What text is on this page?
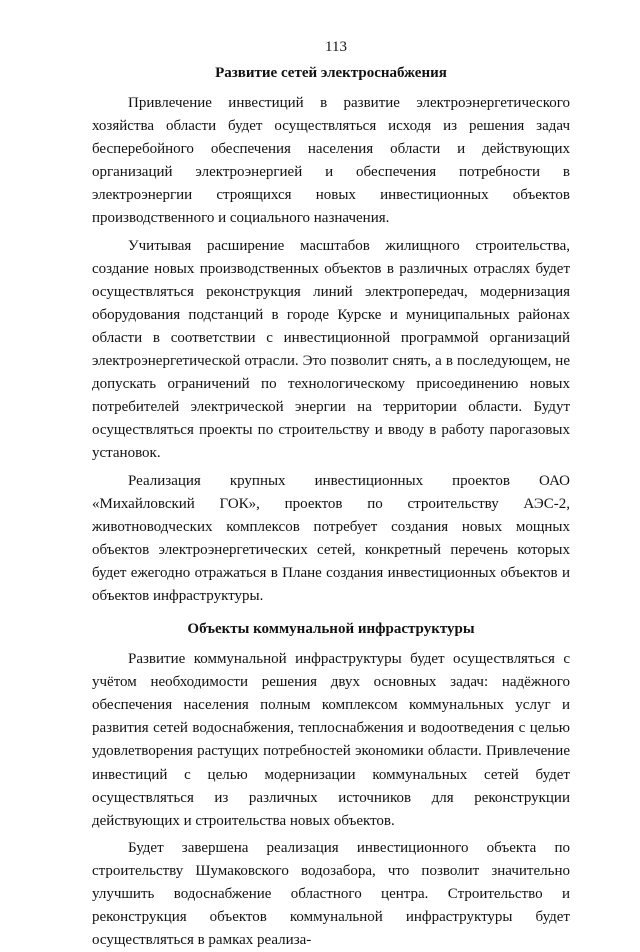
113
Развитие сетей электроснабжения

Привлечение инвестиций в развитие электроэнергетического хозяйства области будет осуществляться исходя из решения задач бесперебойного обеспечения населения области и действующих организаций электроэнергией и обеспечения потребности в электроэнергии строящихся новых инвестиционных объектов производственного и социального назначения.

Учитывая расширение масштабов жилищного строительства, создание новых производственных объектов в различных отраслях будет осуществляться реконструкция линий электропередач, модернизация оборудования подстанций в городе Курске и муниципальных районах области в соответствии с инвестиционной программой организаций электроэнергетической отрасли. Это позволит снять, а в последующем, не допускать ограничений по технологическому присоединению новых потребителей электрической энергии на территории области. Будут осуществляться проекты по строительству и вводу в работу парогазовых установок.

Реализация крупных инвестиционных проектов ОАО «Михайловский ГОК», проектов по строительству АЭС-2, животноводческих комплексов потребует создания новых мощных объектов электроэнергетических сетей, конкретный перечень которых будет ежегодно отражаться в Плане создания инвестиционных объектов и объектов инфраструктуры.

Объекты коммунальной инфраструктуры

Развитие коммунальной инфраструктуры будет осуществляться с учётом необходимости решения двух основных задач: надёжного обеспечения населения полным комплексом коммунальных услуг и развития сетей водоснабжения, теплоснабжения и водоотведения с целью удовлетворения растущих потребностей экономики области. Привлечение инвестиций с целью модернизации коммунальных сетей будет осуществляться из различных источников для реконструкции действующих и строительства новых объектов.

Будет завершена реализация инвестиционного объекта по строительству Шумаковского водозабора, что позволит значительно улучшить водоснабжение областного центра. Строительство и реконструкция объектов коммунальной инфраструктуры будет осуществляться в рамках реализа-
